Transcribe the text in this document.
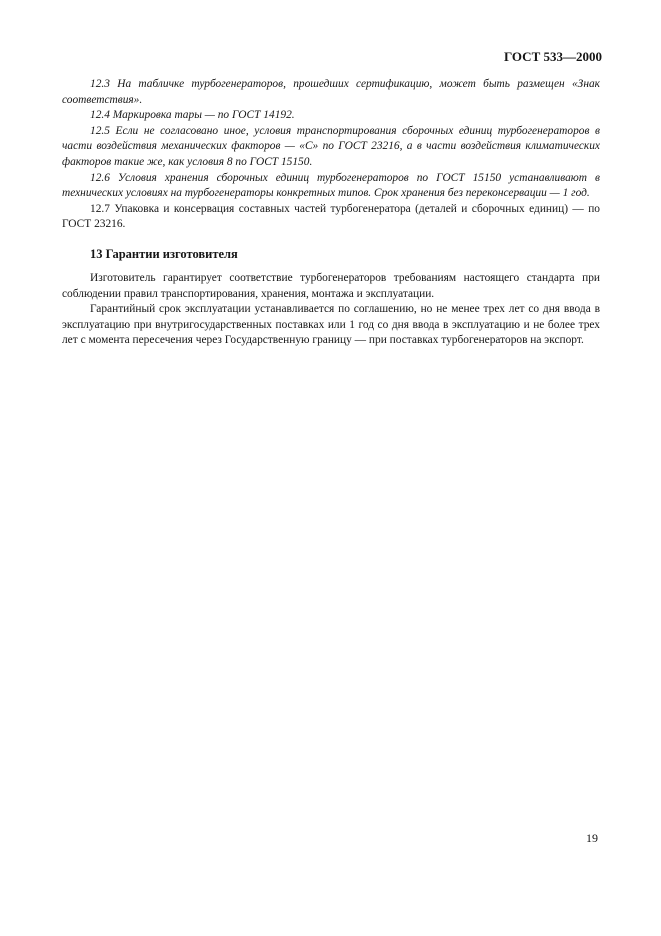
ГОСТ 533—2000

12.3 На табличке турбогенераторов, прошедших сертификацию, может быть размещен «Знак соответствия».

12.4 Маркировка тары — по ГОСТ 14192.

12.5 Если не согласовано иное, условия транспортирования сборочных единиц турбогенераторов в части воздействия механических факторов — «С» по ГОСТ 23216, а в части воздействия климатических факторов такие же, как условия 8 по ГОСТ 15150.

12.6 Условия хранения сборочных единиц турбогенераторов по ГОСТ 15150 устанавливают в технических условиях на турбогенераторы конкретных типов. Срок хранения без переконсервации — 1 год.

12.7 Упаковка и консервация составных частей турбогенератора (деталей и сборочных единиц) — по ГОСТ 23216.

13 Гарантии изготовителя

Изготовитель гарантирует соответствие турбогенераторов требованиям настоящего стандарта при соблюдении правил транспортирования, хранения, монтажа и эксплуатации.

Гарантийный срок эксплуатации устанавливается по соглашению, но не менее трех лет со дня ввода в эксплуатацию при внутригосударственных поставках или 1 год со дня ввода в эксплуатацию и не более трех лет с момента пересечения через Государственную границу — при поставках турбогенераторов на экспорт.

19
